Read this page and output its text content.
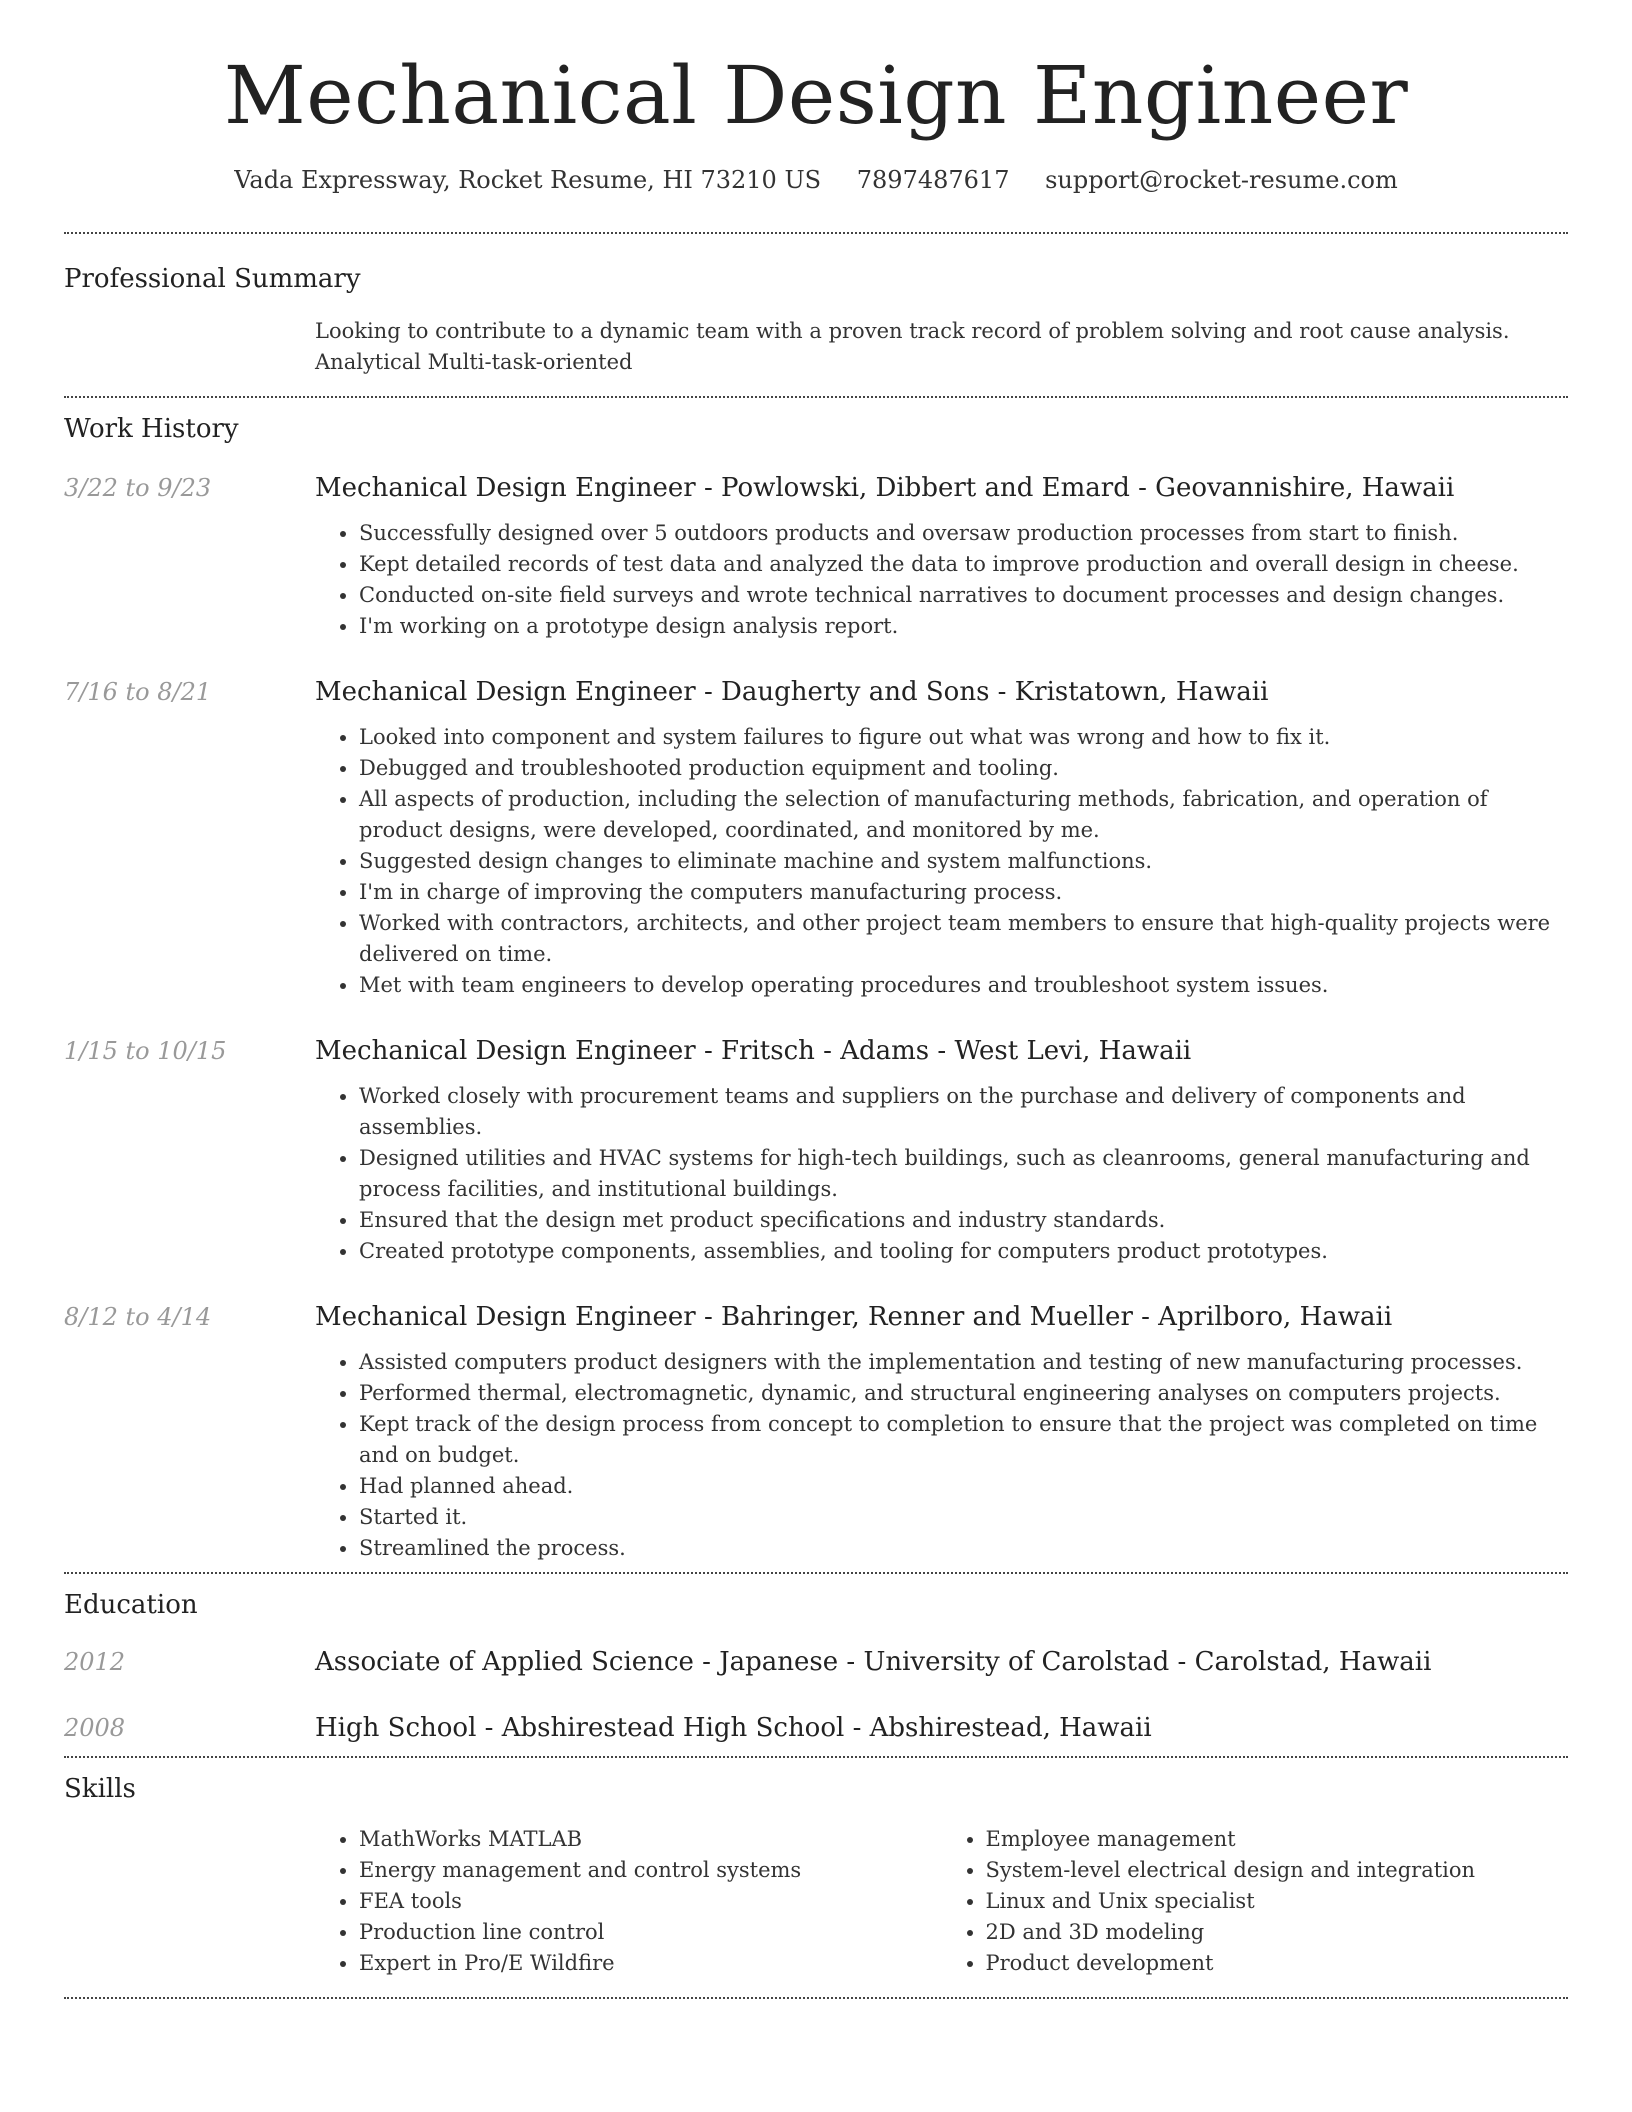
Mechanical Design Engineer
Vada Expressway, Rocket Resume, HI 73210 US 7897487617 support@rocket-resume.com
Professional Summary
Looking to contribute to a dynamic team with a proven track record of problem solving and root cause analysis. Analytical Multi-task-oriented
Work History
3/22 to 9/23	Mechanical Design Engineer - Powlowski, Dibbert and Emard - Geovannishire, Hawaii
• Successfully designed over 5 outdoors products and oversaw production processes from start to finish.
• Kept detailed records of test data and analyzed the data to improve production and overall design in cheese.
• Conducted on-site field surveys and wrote technical narratives to document processes and design changes.
• I'm working on a prototype design analysis report.
7/16 to 8/21	Mechanical Design Engineer - Daugherty and Sons - Kristatown, Hawaii
• Looked into component and system failures to figure out what was wrong and how to fix it.
• Debugged and troubleshooted production equipment and tooling.
• All aspects of production, including the selection of manufacturing methods, fabrication, and operation of product designs, were developed, coordinated, and monitored by me.
• Suggested design changes to eliminate machine and system malfunctions.
• I'm in charge of improving the computers manufacturing process.
• Worked with contractors, architects, and other project team members to ensure that high-quality projects were delivered on time.
• Met with team engineers to develop operating procedures and troubleshoot system issues.
1/15 to 10/15	Mechanical Design Engineer - Fritsch - Adams - West Levi, Hawaii
• Worked closely with procurement teams and suppliers on the purchase and delivery of components and assemblies.
• Designed utilities and HVAC systems for high-tech buildings, such as cleanrooms, general manufacturing and process facilities, and institutional buildings.
• Ensured that the design met product specifications and industry standards.
• Created prototype components, assemblies, and tooling for computers product prototypes.
8/12 to 4/14	Mechanical Design Engineer - Bahringer, Renner and Mueller - Aprilboro, Hawaii
• Assisted computers product designers with the implementation and testing of new manufacturing processes.
• Performed thermal, electromagnetic, dynamic, and structural engineering analyses on computers projects.
• Kept track of the design process from concept to completion to ensure that the project was completed on time and on budget.
• Had planned ahead.
• Started it.
• Streamlined the process.
Education
2012	Associate of Applied Science - Japanese - University of Carolstad - Carolstad, Hawaii
2008	High School - Abshirestead High School - Abshirestead, Hawaii
Skills
• MathWorks MATLAB
• Energy management and control systems
• FEA tools
• Production line control
• Expert in Pro/E Wildfire
• Employee management
• System-level electrical design and integration
• Linux and Unix specialist
• 2D and 3D modeling
• Product development
